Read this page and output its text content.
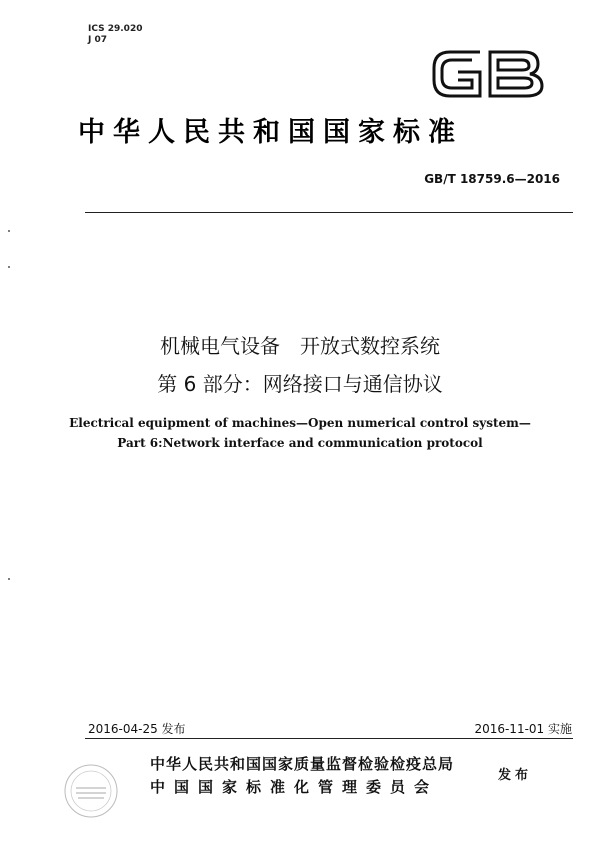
ICS 29.020
J 07	GB
中华人民共和国国家标准
GB/T 18759.6—2016
机械电气设备　开放式数控系统
第 6 部分：网络接口与通信协议
Electrical equipment of machines—Open numerical control system—
Part 6:Network interface and communication protocol
2016-04-25 发布	2016-11-01 实施
中华人民共和国国家质量监督检验检疫总局
中国国家标准化管理委员会
发布
